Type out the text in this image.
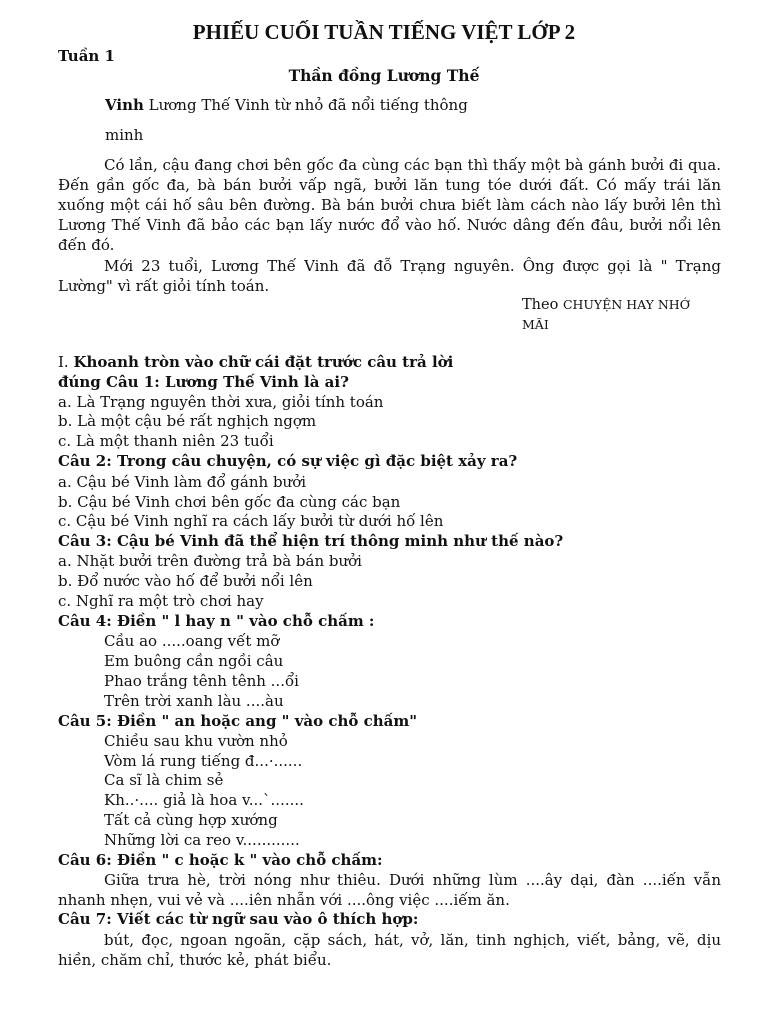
PHIẾU CUỐI TUẦN TIẾNG VIỆT LỚP 2
Tuần 1
Thần đồng Lương Thế
Vinh Lương Thế Vinh từ nhỏ đã nổi tiếng thông
minh
Có lần, cậu đang chơi bên gốc đa cùng các bạn thì thấy một bà gánh bưởi đi qua. Đến gần gốc đa, bà bán bưởi vấp ngã, bưởi lăn tung tóe dưới đất. Có mấy trái lăn xuống một cái hố sâu bên đường. Bà bán bưởi chưa biết làm cách nào lấy bưởi lên thì Lương Thế Vinh đã bảo các bạn lấy nước đổ vào hố. Nước dâng đến đâu, bưởi nổi lên đến đó.
Mới 23 tuổi, Lương Thế Vinh đã đỗ Trạng nguyên. Ông được gọi là " Trạng Lường" vì rất giỏi tính toán.
Theo CHUYỆN HAY NHỚ MÃI
I. Khoanh tròn vào chữ cái đặt trước câu trả lời
đúng Câu 1: Lương Thế Vinh là ai?
a. Là Trạng nguyên thời xưa, giỏi tính toán
b. Là một cậu bé rất nghịch ngợm
c. Là một thanh niên 23 tuổi
Câu 2: Trong câu chuyện, có sự việc gì đặc biệt xảy ra?
a. Cậu bé Vinh làm đổ gánh bưởi
b. Cậu bé Vinh chơi bên gốc đa cùng các bạn
c. Cậu bé Vinh nghĩ ra cách lấy bưởi từ dưới hố lên
Câu 3: Cậu bé Vinh đã thể hiện trí thông minh như thế nào?
a. Nhặt bưởi trên đường trả bà bán bưởi
b. Đổ nước vào hố để bưởi nổi lên
c. Nghĩ ra một trò chơi hay
Câu 4: Điền " l hay n " vào chỗ chấm :
Cầu ao .....oang vết mỡ
Em buông cần ngồi câu
Phao trắng tênh tênh ...ổi
Trên trời xanh làu ....àu
Câu 5: Điền " an hoặc ang " vào chỗ chấm"
Chiều sau khu vườn nhỏ
Vòm lá rung tiếng đ...·......
Ca sĩ là chim sẻ
Kh..·.... giả là hoa v...`.......
Tất cả cùng hợp xướng
Những lời ca reo v............
Câu 6: Điền " c hoặc k " vào chỗ chấm:
Giữa trưa hè, trời nóng như thiêu. Dưới những lùm ....ây dại, đàn ....iến vẫn nhanh nhẹn, vui vẻ và ....iên nhẫn với ....ông việc ....iếm ăn.
Câu 7: Viết các từ ngữ sau vào ô thích hợp:
bút, đọc, ngoan ngoãn, cặp sách, hát, vở, lăn, tinh nghịch, viết, bảng, vẽ, dịu hiền, chăm chỉ, thước kẻ, phát biểu.
